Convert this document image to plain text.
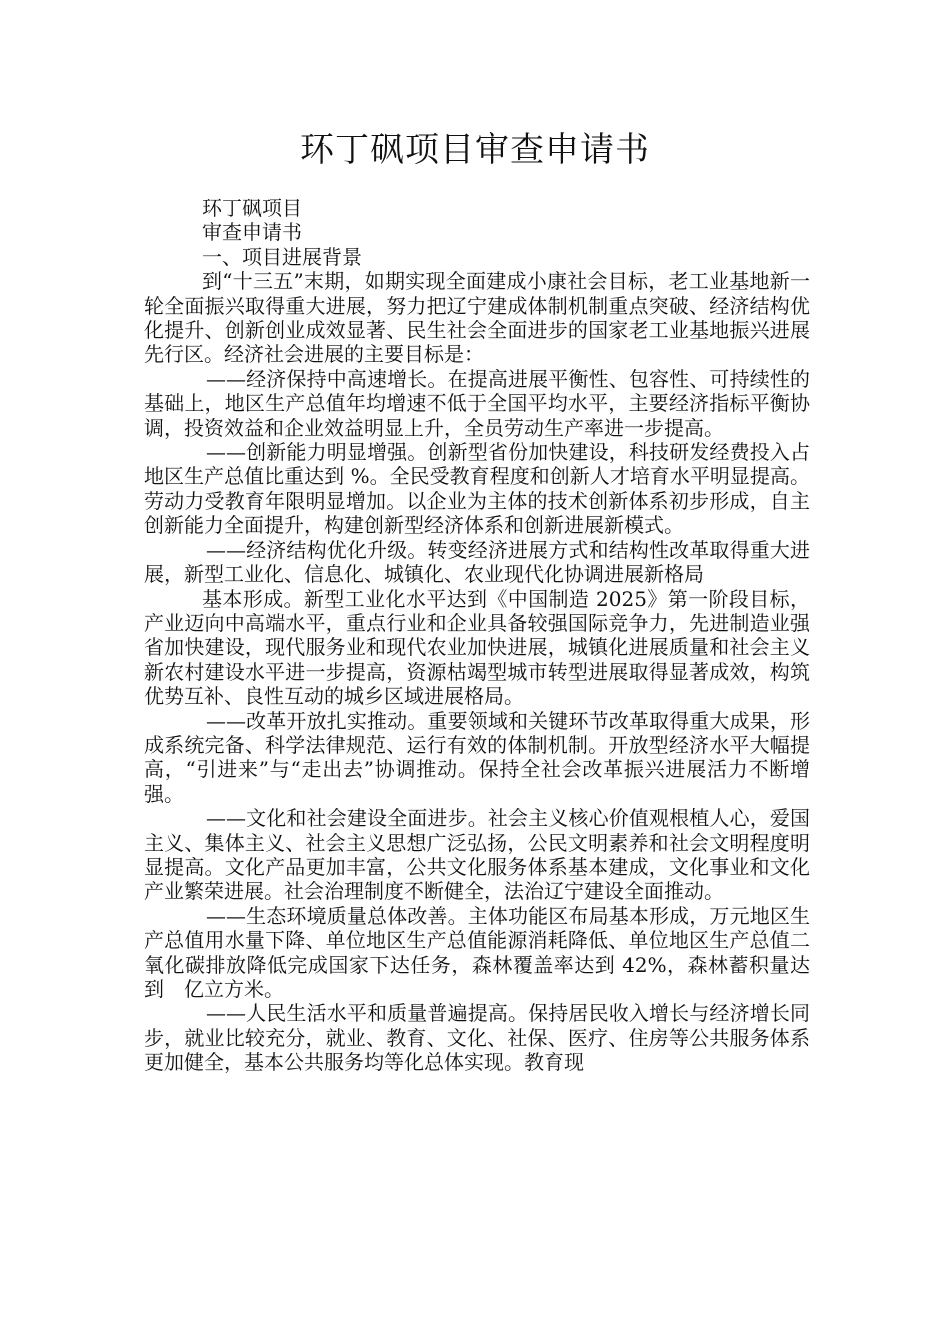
环丁砜项目审查申请书

环丁砜项目

审查申请书

一、项目进展背景

到“十三五”末期，如期实现全面建成小康社会目标，老工业基地新一轮全面振兴取得重大进展，努力把辽宁建成体制机制重点突破、经济结构优化提升、创新创业成效显著、民生社会全面进步的国家老工业基地振兴进展先行区。经济社会进展的主要目标是：

——经济保持中高速增长。在提高进展平衡性、包容性、可持续性的基础上，地区生产总值年均增速不低于全国平均水平，主要经济指标平衡协调，投资效益和企业效益明显上升，全员劳动生产率进一步提高。

——创新能力明显增强。创新型省份加快建设，科技研发经费投入占地区生产总值比重达到 %。全民受教育程度和创新人才培育水平明显提高。劳动力受教育年限明显增加。以企业为主体的技术创新体系初步形成，自主创新能力全面提升，构建创新型经济体系和创新进展新模式。

——经济结构优化升级。转变经济进展方式和结构性改革取得重大进展，新型工业化、信息化、城镇化、农业现代化协调进展新格局

基本形成。新型工业化水平达到《中国制造 2025》第一阶段目标，产业迈向中高端水平，重点行业和企业具备较强国际竞争力，先进制造业强省加快建设，现代服务业和现代农业加快进展，城镇化进展质量和社会主义新农村建设水平进一步提高，资源枯竭型城市转型进展取得显著成效，构筑优势互补、良性互动的城乡区域进展格局。

——改革开放扎实推动。重要领域和关键环节改革取得重大成果，形成系统完备、科学法律规范、运行有效的体制机制。开放型经济水平大幅提高，“引进来”与“走出去”协调推动。保持全社会改革振兴进展活力不断增强。

——文化和社会建设全面进步。社会主义核心价值观根植人心，爱国主义、集体主义、社会主义思想广泛弘扬，公民文明素养和社会文明程度明显提高。文化产品更加丰富，公共文化服务体系基本建成，文化事业和文化产业繁荣进展。社会治理制度不断健全，法治辽宁建设全面推动。

——生态环境质量总体改善。主体功能区布局基本形成，万元地区生产总值用水量下降、单位地区生产总值能源消耗降低、单位地区生产总值二氧化碳排放降低完成国家下达任务，森林覆盖率达到 42%，森林蓄积量达到　亿立方米。

——人民生活水平和质量普遍提高。保持居民收入增长与经济增长同步，就业比较充分，就业、教育、文化、社保、医疗、住房等公共服务体系更加健全，基本公共服务均等化总体实现。教育现
